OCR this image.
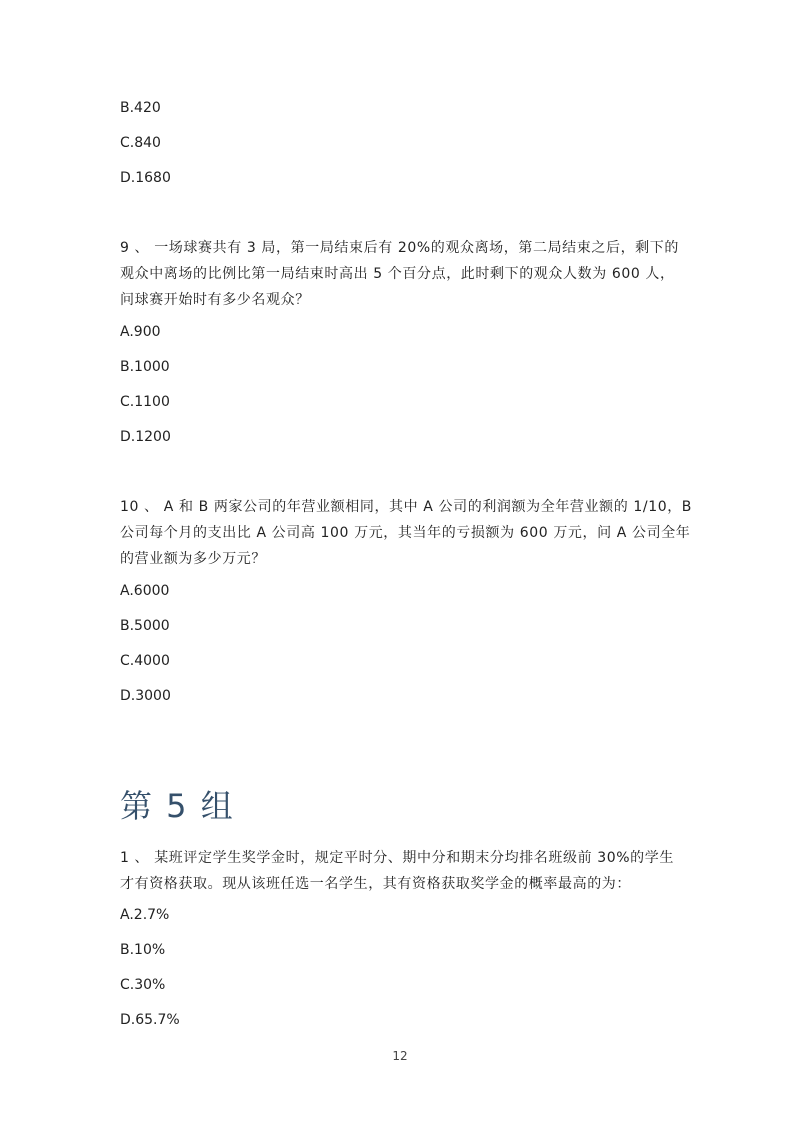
B.420
C.840
D.1680
9 、 一场球赛共有 3 局，第一局结束后有 20%的观众离场，第二局结束之后，剩下的
观众中离场的比例比第一局结束时高出 5 个百分点，此时剩下的观众人数为 600 人，
问球赛开始时有多少名观众？
A.900
B.1000
C.1100
D.1200
10 、 A 和 B 两家公司的年营业额相同，其中 A 公司的利润额为全年营业额的 1/10，B
公司每个月的支出比 A 公司高 100 万元，其当年的亏损额为 600 万元，问 A 公司全年
的营业额为多少万元？
A.6000
B.5000
C.4000
D.3000
第 5 组
1 、 某班评定学生奖学金时，规定平时分、期中分和期末分均排名班级前 30%的学生
才有资格获取。现从该班任选一名学生，其有资格获取奖学金的概率最高的为：
A.2.7%
B.10%
C.30%
D.65.7%
12
